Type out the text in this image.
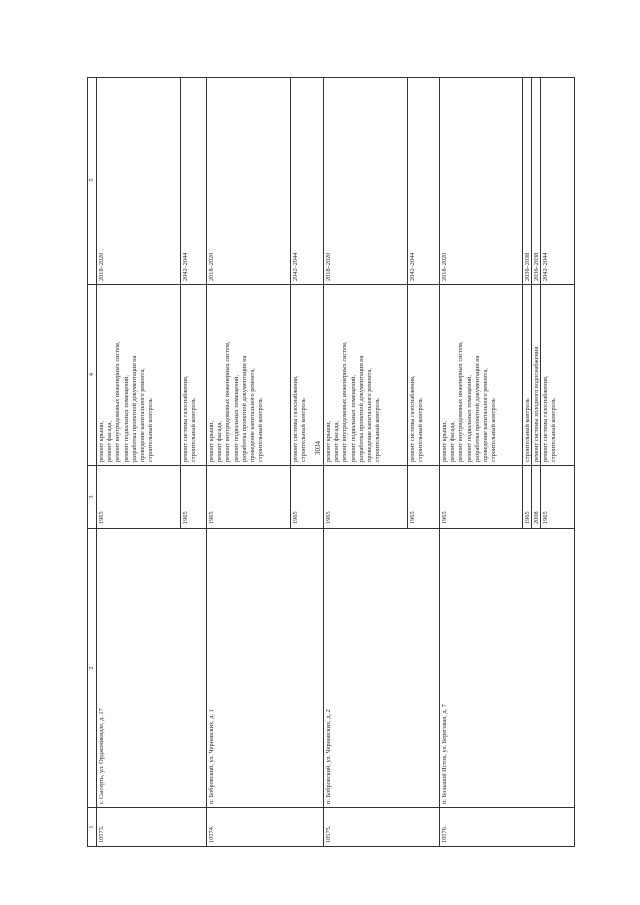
3034
1
2
3
4
5
10573.
г. Сысерть, ул. Орджоникидзе, д. 17
1965
ремонт крыши, ремонт фасада, ремонт внутридомовых инженерных систем, ремонт подвальных помещений, разработка проектной документации на проведение капитального ремонта, строительный контроль
2018–2020
1965
ремонт системы газоснабжения, строительный контроль
2042–2044
10574.
п. Бобровский, ул. Чернавских, д. 1
1965
ремонт крыши, ремонт фасада, ремонт внутридомовых инженерных систем, ремонт подвальных помещений, разработка проектной документации на проведение капитального ремонта, строительный контроль
2018–2020
1965
ремонт системы газоснабжения, строительный контроль
2042–2044
10575.
п. Бобровский, ул. Чернавских, д. 2
1965
ремонт крыши, ремонт фасада, ремонт внутридомовых инженерных систем, ремонт подвальных помещений, разработка проектной документации на проведение капитального ремонта, строительный контроль
2018–2020
1965
ремонт системы газоснабжения, строительный контроль
2042–2044
10576.
п. Большой Исток, ул. Береговая, д. 7
1965
ремонт крыши, ремонт фасада, ремонт внутридомовых инженерных систем, ремонт подвальных помещений, разработка проектной документации на проведение капитального ремонта, строительный контроль
2018–2020
1965
строительный контроль
2036–2038
2008
ремонт системы холодного водоснабжения
2036–2038
1965
ремонт системы газоснабжения, строительный контроль
2042–2044
